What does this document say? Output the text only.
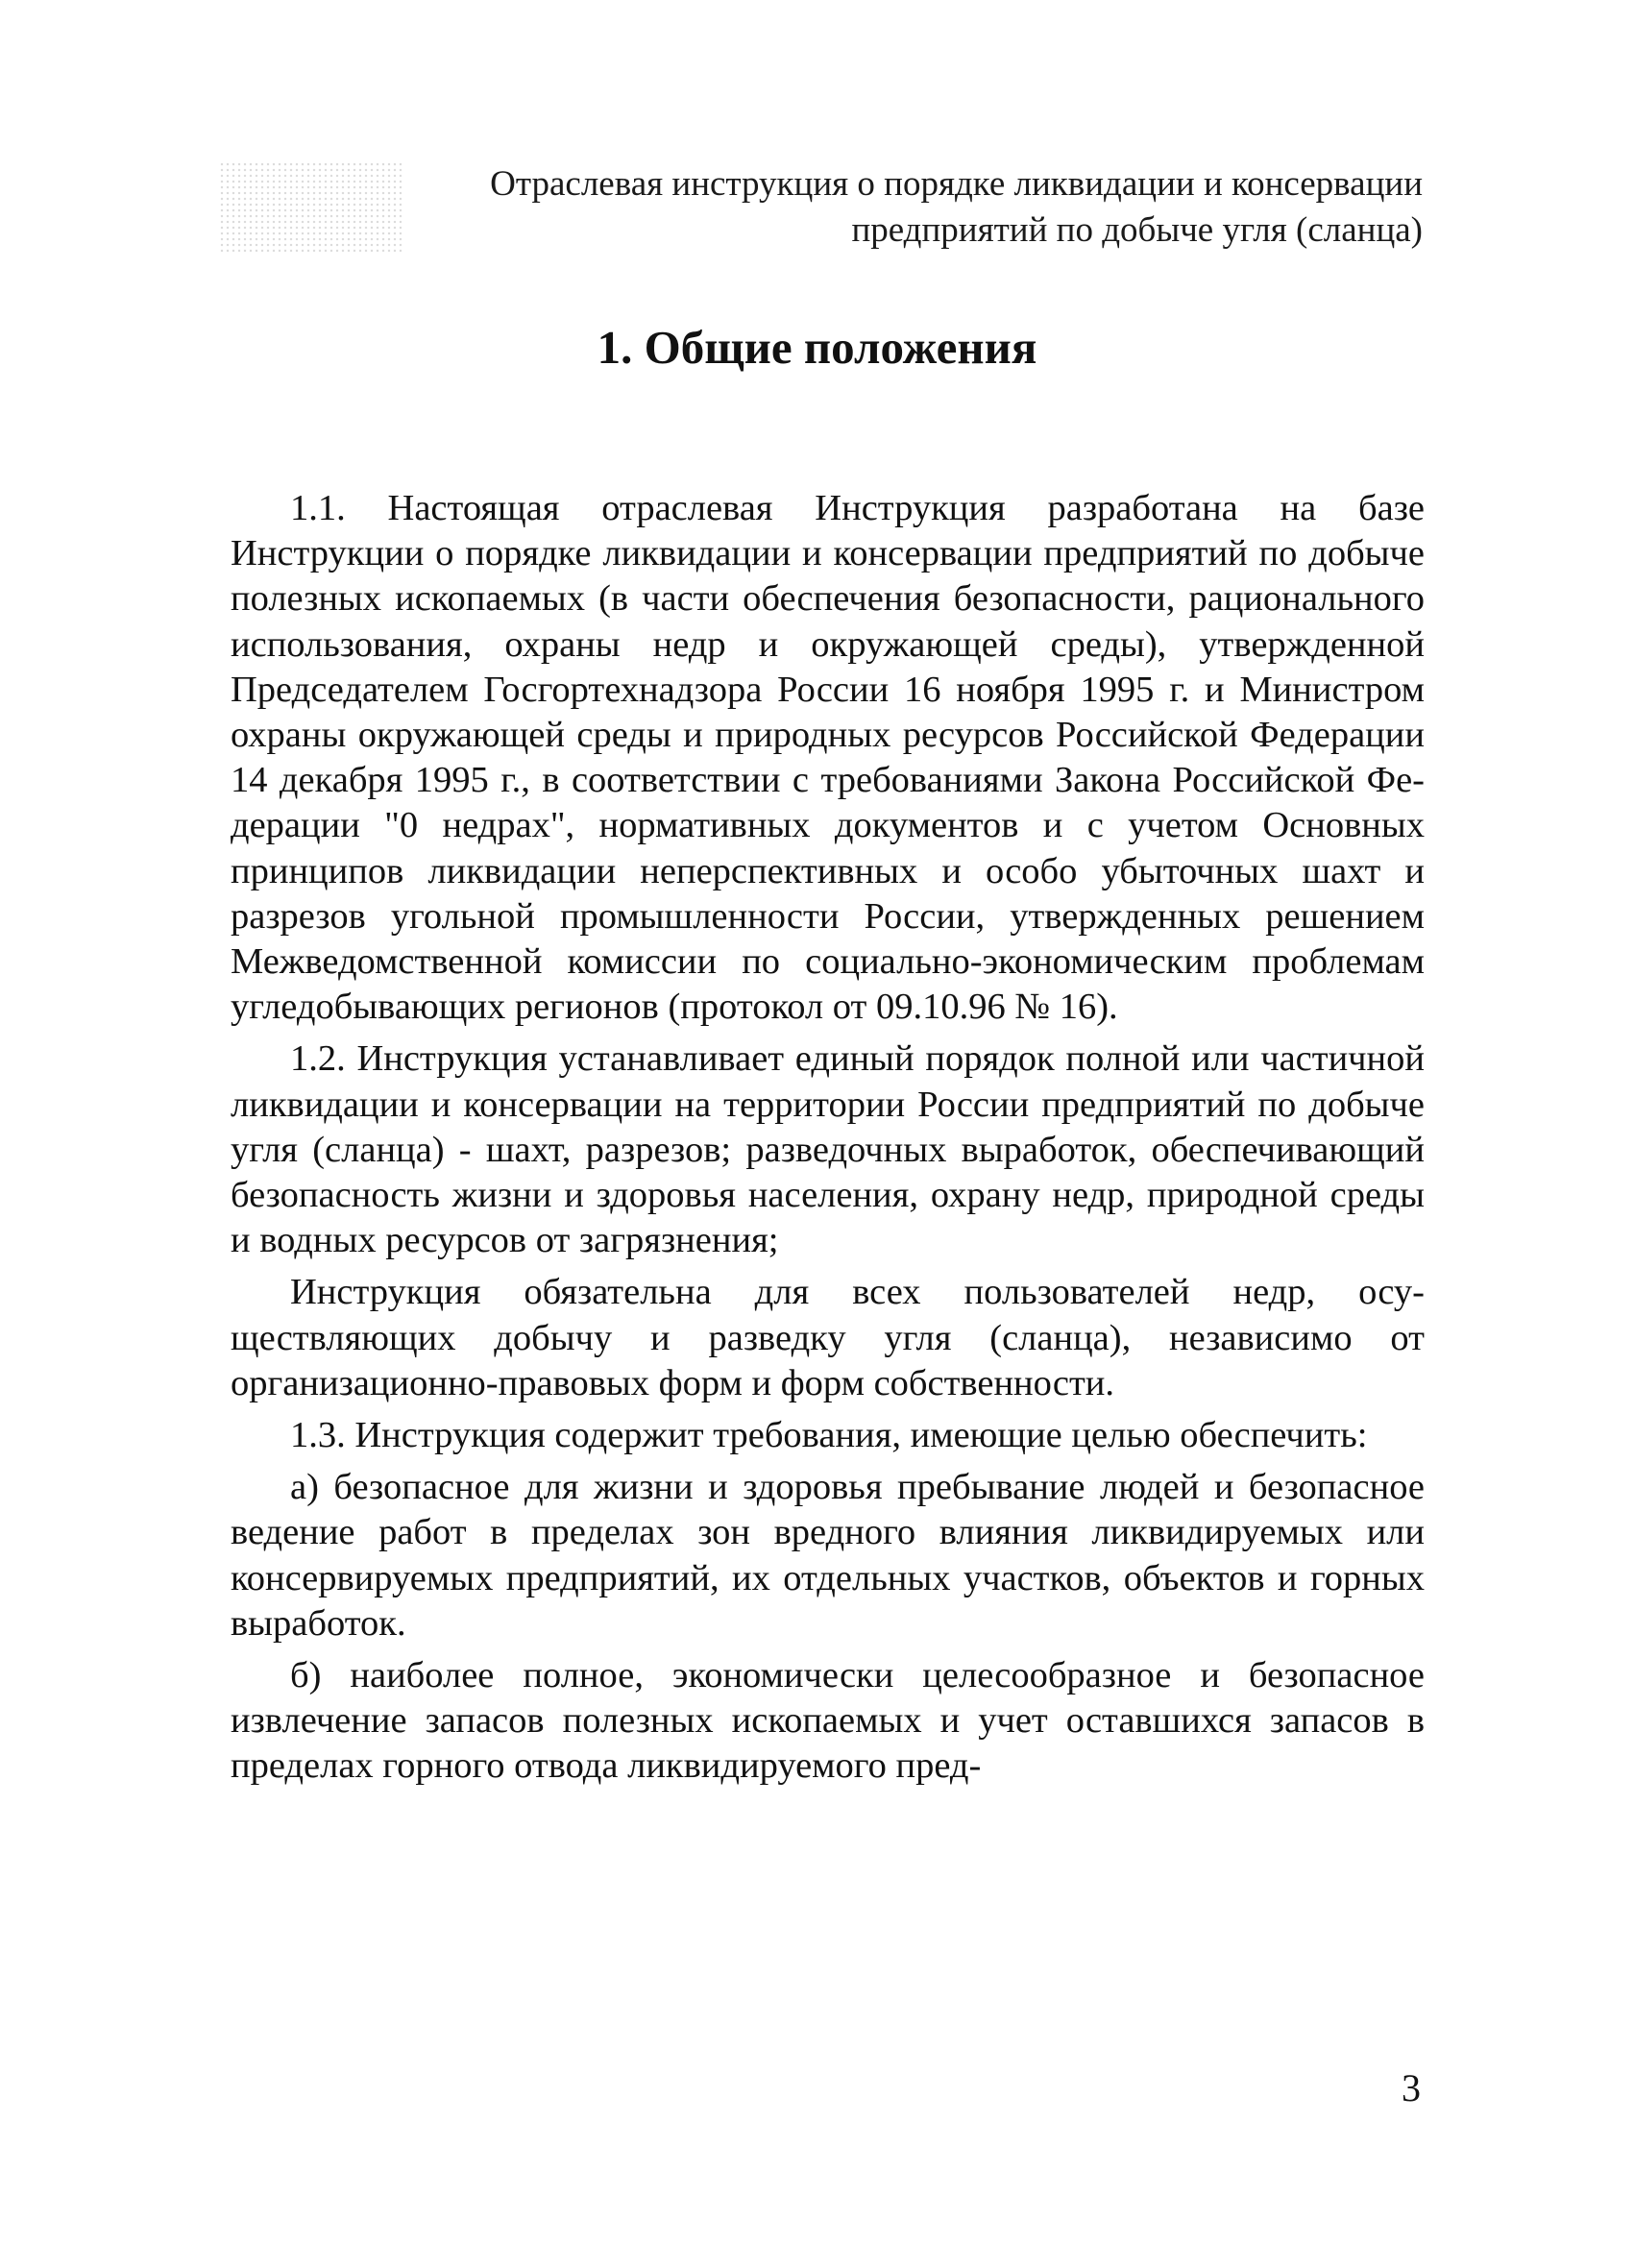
Отраслевая инструкция о порядке ликвидации и консервации
предприятий по добыче угля (сланца)
1. Общие положения

1.1. Настоящая отраслевая Инструкция разработана на базе Инструкции о порядке ликвидации и консервации предприятий по добыче полезных ископаемых (в части обеспечения безопасности, рационального использования, охраны недр и окружающей среды), утвержденной Председателем Госгортехнадзора России 16 ноября 1995 г. и Министром охраны окружающей среды и природных ресурсов Российской Федерации 14 декабря 1995 г., в соответствии с требованиями Закона Российской Федерации "0 недрах", нормативных документов и с учетом Основных принципов ликвидации неперспективных и особо убыточных шахт и разрезов угольной промышленности России, утвержденных решением Межведомственной комиссии по социально-экономическим проблемам угледобывающих регионов (протокол от 09.10.96 № 16).

1.2. Инструкция устанавливает единый порядок полной или частичной ликвидации и консервации на территории России предприятий по добыче угля (сланца) - шахт, разрезов; разведочных выработок, обеспечивающий безопасность жизни и здоровья населения, охрану недр, природной среды и водных ресурсов от загрязнения;

Инструкция обязательна для всех пользователей недр, осуществляющих добычу и разведку угля (сланца), независимо от организационно-правовых форм и форм собственности.

1.3. Инструкция содержит требования, имеющие целью обеспечить:

а) безопасное для жизни и здоровья пребывание людей и безопасное ведение работ в пределах зон вредного влияния ликвидируемых или консервируемых предприятий, их отдельных участков, объектов и горных выработок.

б) наиболее полное, экономически целесообразное и безопасное извлечение запасов полезных ископаемых и учет оставшихся запасов в пределах горного отвода ликвидируемого пред-

3
